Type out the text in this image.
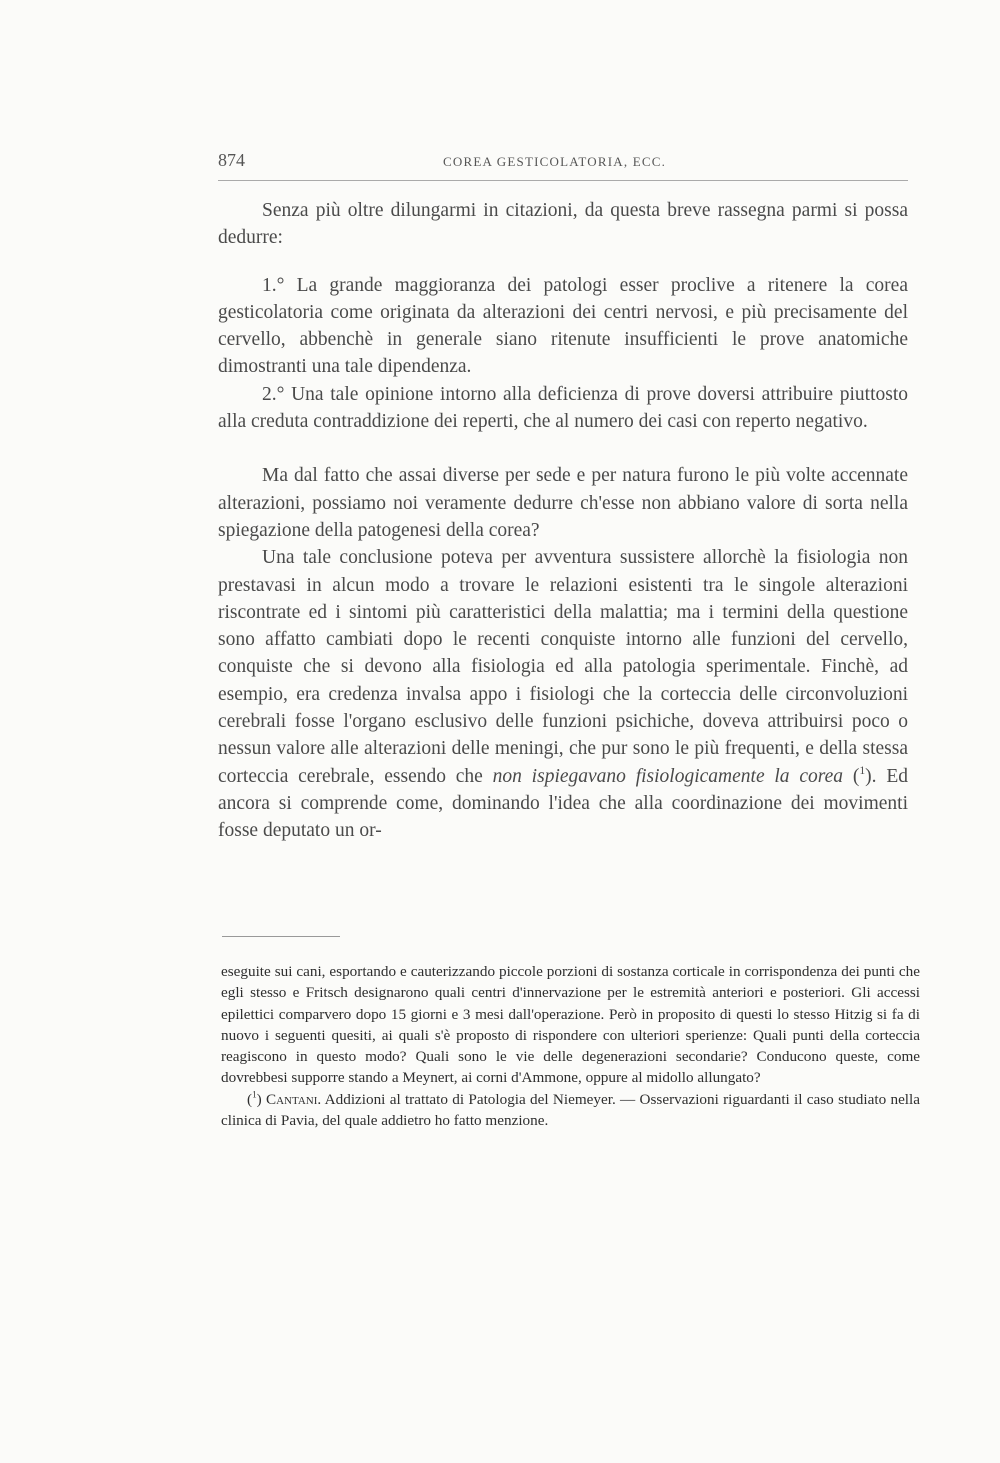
874	COREA GESTICOLATORIA, ECC.

Senza più oltre dilungarmi in citazioni, da questa breve rassegna parmi si possa dedurre:

1.° La grande maggioranza dei patologi esser proclive a ritenere la corea gesticolatoria come originata da alterazioni dei centri nervosi, e più precisamente del cervello, abbenchè in generale siano ritenute insufficienti le prove anatomiche dimostranti una tale dipendenza.

2.° Una tale opinione intorno alla deficienza di prove doversi attribuire piuttosto alla creduta contraddizione dei reperti, che al numero dei casi con reperto negativo.

Ma dal fatto che assai diverse per sede e per natura furono le più volte accennate alterazioni, possiamo noi veramente dedurre ch'esse non abbiano valore di sorta nella spiegazione della patogenesi della corea?

Una tale conclusione poteva per avventura sussistere allorchè la fisiologia non prestavasi in alcun modo a trovare le relazioni esistenti tra le singole alterazioni riscontrate ed i sintomi più caratteristici della malattia; ma i termini della questione sono affatto cambiati dopo le recenti conquiste intorno alle funzioni del cervello, conquiste che si devono alla fisiologia ed alla patologia sperimentale. Finchè, ad esempio, era credenza invalsa appo i fisiologi che la corteccia delle circonvoluzioni cerebrali fosse l'organo esclusivo delle funzioni psichiche, doveva attribuirsi poco o nessun valore alle alterazioni delle meningi, che pur sono le più frequenti, e della stessa corteccia cerebrale, essendo che non ispiegavano fisiologicamente la corea ($^1$). Ed ancora si comprende come, dominando l'idea che alla coordinazione dei movimenti fosse deputato un or-

eseguite sui cani, esportando e cauterizzando piccole porzioni di sostanza corticale in corrispondenza dei punti che egli stesso e Fritsch designarono quali centri d'innervazione per le estremità anteriori e posteriori. Gli accessi epilettici comparvero dopo 15 giorni e 3 mesi dall'operazione. Però in proposito di questi lo stesso Hitzig si fa di nuovo i seguenti quesiti, ai quali s'è proposto di rispondere con ulteriori sperienze: Quali punti della corteccia reagiscono in questo modo? Quali sono le vie delle degenerazioni secondarie? Conducono queste, come dovrebbesi supporre stando a Meynert, ai corni d'Ammone, oppure al midollo allungato?

($^1$) Cantani. Addizioni al trattato di Patologia del Niemeyer. — Osservazioni riguardanti il caso studiato nella clinica di Pavia, del quale addietro ho fatto menzione.
